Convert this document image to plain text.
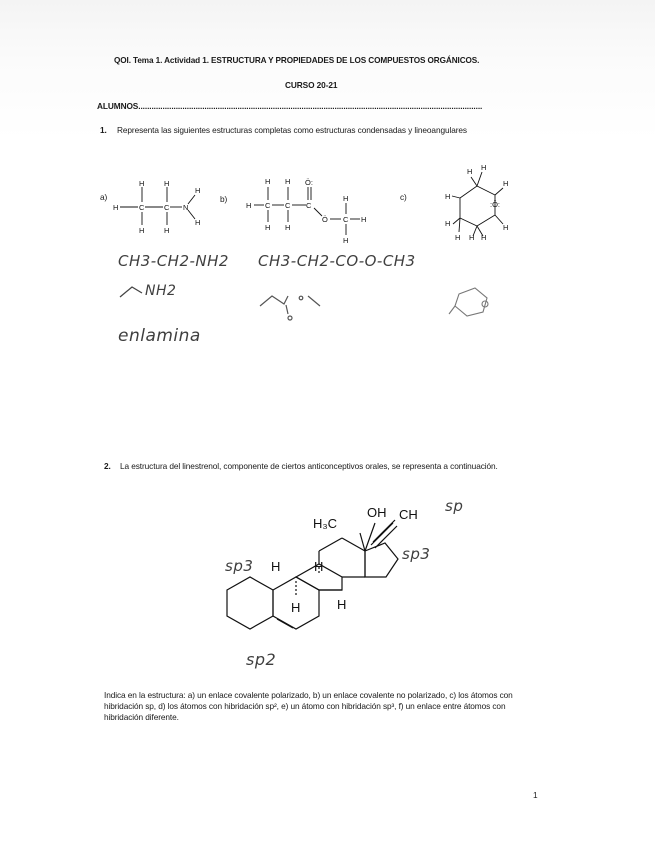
QOI. Tema 1. Actividad 1. ESTRUCTURA Y PROPIEDADES DE LOS COMPUESTOS ORGÁNICOS.
CURSO 20-21
ALUMNOS............................................................................................................................................................
1. Representa las siguientes estructuras completas como estructuras condensadas y lineoangulares
a)	b)	c)
H	C	C N
H	H
H	H
H
H
H C C C
H H
H H
Ö:
Ö C
H
H
H
H
H H
H
:Ö:
H
H
H H H
CH3-CH2-NH2 CH3-CH2-CO-O-CH3
NH2
enlamina
2. La estructura del linestrenol, componente de ciertos anticonceptivos orales, se representa a continuación.
H₃C
OH CH
H	H
H	H
sp
sp3
sp3
sp2
Indica en la estructura: a) un enlace covalente polarizado, b) un enlace covalente no polarizado, c) los átomos con hibridación sp, d) los átomos con hibridación sp², e) un átomo con hibridación sp³, f) un enlace entre átomos con hibridación diferente.
1
